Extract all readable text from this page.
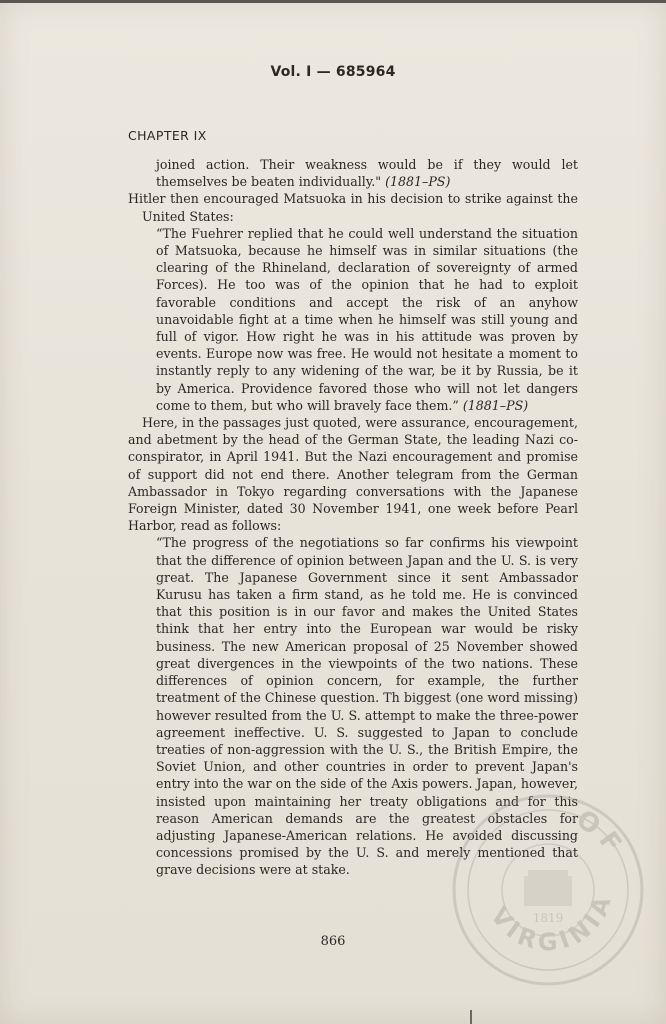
Vol. I — 685964
CHAPTER IX

joined action. Their weakness would be if they would let themselves be beaten individually." (1881–PS)

Hitler then encouraged Matsuoka in his decision to strike against the United States:

“The Fuehrer replied that he could well understand the situation of Matsuoka, because he himself was in similar situations (the clearing of the Rhineland, declaration of sovereignty of armed Forces). He too was of the opinion that he had to exploit favorable conditions and accept the risk of an anyhow unavoidable fight at a time when he himself was still young and full of vigor. How right he was in his attitude was proven by events. Europe now was free. He would not hesitate a moment to instantly reply to any widening of the war, be it by Russia, be it by America. Providence favored those who will not let dangers come to them, but who will bravely face them.” (1881–PS)

Here, in the passages just quoted, were assurance, encouragement, and abetment by the head of the German State, the leading Nazi co-conspirator, in April 1941. But the Nazi encouragement and promise of support did not end there. Another telegram from the German Ambassador in Tokyo regarding conversations with the Japanese Foreign Minister, dated 30 November 1941, one week before Pearl Harbor, read as follows:

“The progress of the negotiations so far confirms his viewpoint that the difference of opinion between Japan and the U. S. is very great. The Japanese Government since it sent Ambassador Kurusu has taken a firm stand, as he told me. He is convinced that this position is in our favor and makes the United States think that her entry into the European war would be risky business. The new American proposal of 25 November showed great divergences in the viewpoints of the two nations. These differences of opinion concern, for example, the further treatment of the Chinese question. Th biggest (one word missing) however resulted from the U. S. attempt to make the three-power agreement ineffective. U. S. suggested to Japan to conclude treaties of non-aggression with the U. S., the British Empire, the Soviet Union, and other countries in order to prevent Japan's entry into the war on the side of the Axis powers. Japan, however, insisted upon maintaining her treaty obligations and for this reason American demands are the greatest obstacles for adjusting Japanese-American relations. He avoided discussing concessions promised by the U. S. and merely mentioned that grave decisions were at stake.

OF
VIRGINIA
1819
866
